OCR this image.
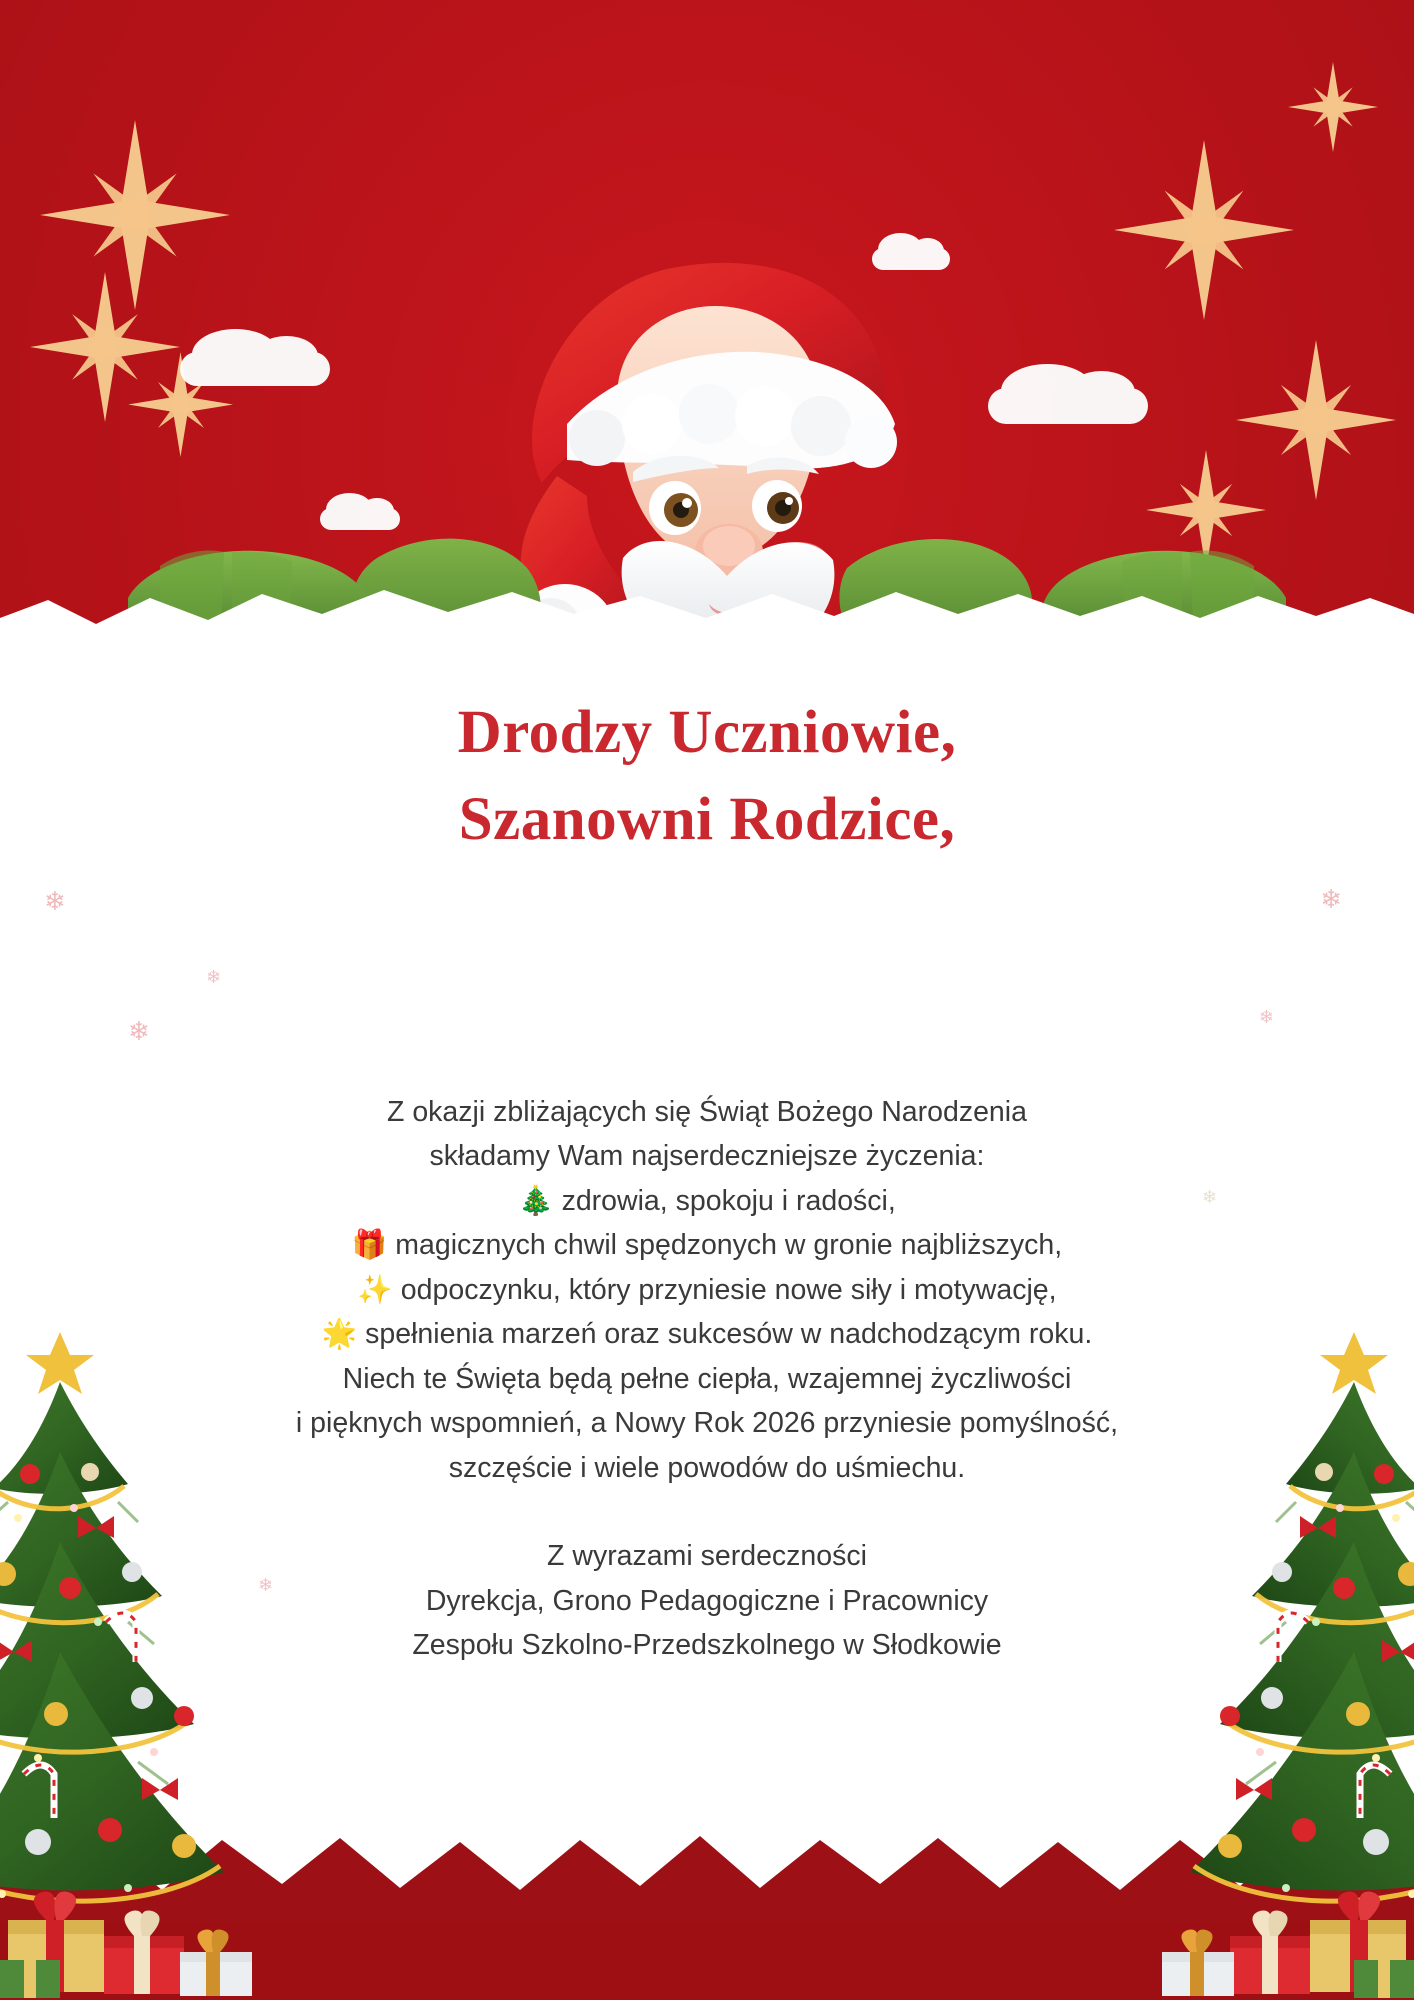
Drodzy Uczniowie,
Szanowni Rodzice,

Z okazji zbliżających się Świąt Bożego Narodzenia

składamy Wam najserdeczniejsze życzenia:

🎄 zdrowia, spokoju i radości,

🎁 magicznych chwil spędzonych w gronie najbliższych,

✨ odpoczynku, który przyniesie nowe siły i motywację,

🌟 spełnienia marzeń oraz sukcesów w nadchodzącym roku.

Niech te Święta będą pełne ciepła, wzajemnej życzliwości

i pięknych wspomnień, a Nowy Rok 2026 przyniesie pomyślność,

szczęście i wiele powodów do uśmiechu.

Z wyrazami serdeczności

Dyrekcja, Grono Pedagogiczne i Pracownicy

Zespołu Szkolno-Przedszkolnego w Słodkowie

❄
❄
❄
❄
❄
❄
❄
